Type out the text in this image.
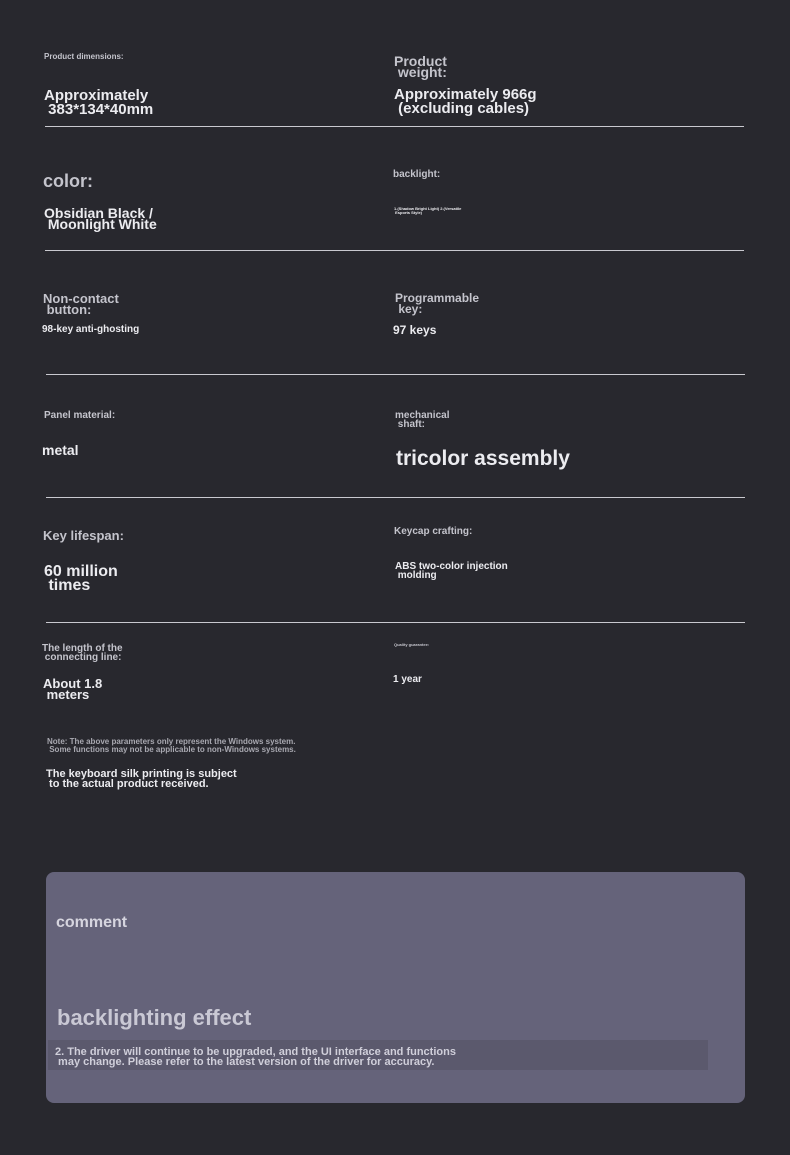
Product dimensions:
Approximately
383*134*40mm
Product
weight:
Approximately 966g
(excluding cables)
color:
Obsidian Black /
Moonlight White
backlight:
1.(Shadow Bright Light) 2.(Versatile
Esports Style)
Non-contact
button:
98-key anti-ghosting
Programmable
key:
97 keys
Panel material:
metal
mechanical
shaft:
tricolor assembly
Key lifespan:
60 million
times
Keycap crafting:
ABS two-color injection
molding
The length of the
connecting line:
About 1.8
meters
Quality guarantee:
1 year
Note: The above parameters only represent the Windows system.
Some functions may not be applicable to non-Windows systems.
The keyboard silk printing is subject
to the actual product received.
comment
backlighting effect
2. The driver will continue to be upgraded, and the UI interface and functions
may change. Please refer to the latest version of the driver for accuracy.
